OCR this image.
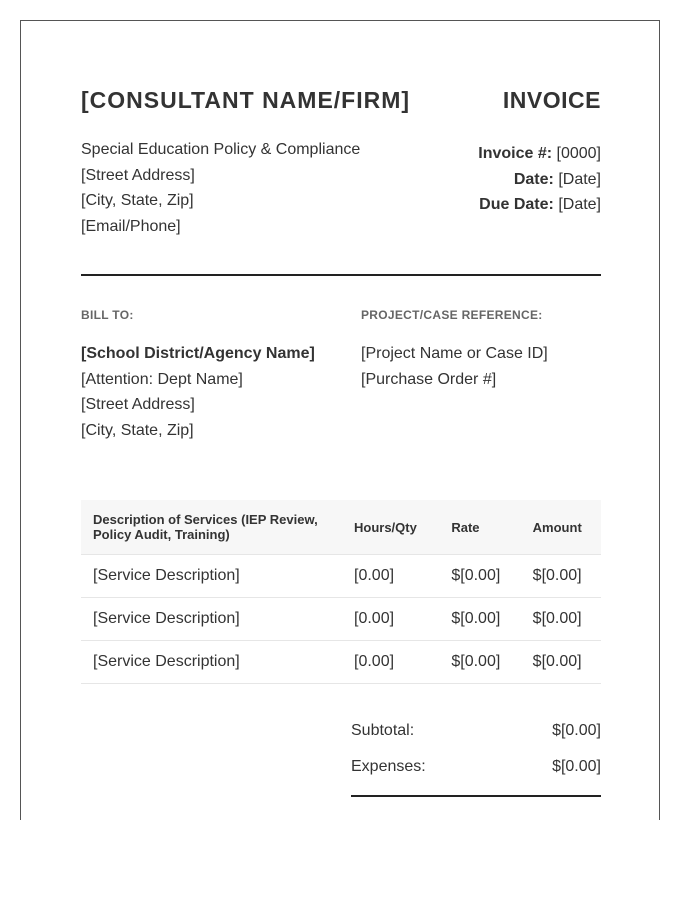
[CONSULTANT NAME/FIRM]	INVOICE
Special Education Policy & Compliance
[Street Address]
[City, State, Zip]
[Email/Phone]
Invoice #: [0000]
Date: [Date]
Due Date: [Date]
BILL TO:	PROJECT/CASE REFERENCE:
[School District/Agency Name]
[Attention: Dept Name]
[Street Address]
[City, State, Zip]
[Project Name or Case ID]
[Purchase Order #]
Description of Services (IEP Review, Policy Audit, Training)	Hours/Qty	Rate	Amount
[Service Description]	[0.00]	$[0.00]	$[0.00]
[Service Description]	[0.00]	$[0.00]	$[0.00]
[Service Description]	[0.00]	$[0.00]	$[0.00]
Subtotal:	$[0.00]
Expenses:	$[0.00]
